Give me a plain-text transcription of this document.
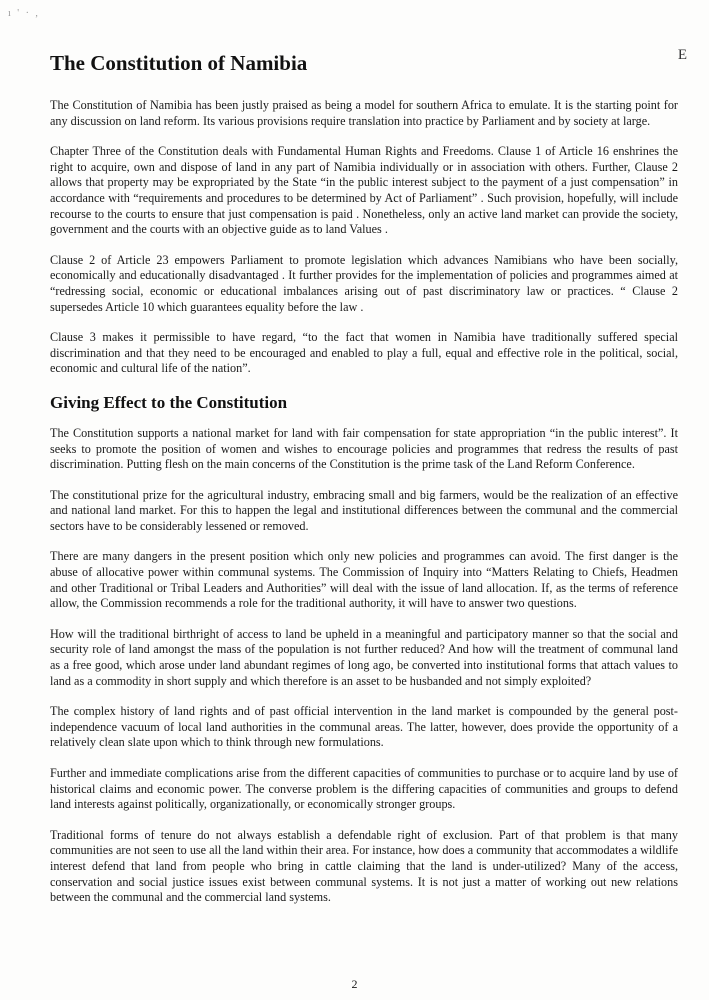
ı ' · ,
E
The Constitution of Namibia

The Constitution of Namibia has been justly praised as being a model for southern Africa to emulate. It is the starting point for any discussion on land reform. Its various provisions require translation into practice by Parliament and by society at large.

Chapter Three of the Constitution deals with Fundamental Human Rights and Freedoms. Clause 1 of Article 16 enshrines the right to acquire, own and dispose of land in any part of Namibia individually or in association with others. Further, Clause 2 allows that property may be expropriated by the State “in the public interest subject to the payment of a just compensation” in accordance with “requirements and procedures to be determined by Act of Parliament” . Such provision, hopefully, will include recourse to the courts to ensure that just compensation is paid . Nonetheless, only an active land market can provide the society, government and the courts with an objective guide as to land Values .

Clause 2 of Article 23 empowers Parliament to promote legislation which advances Namibians who have been socially, economically and educationally disadvantaged . It further provides for the implementation of policies and programmes aimed at “redressing social, economic or educational imbalances arising out of past discriminatory law or practices. “ Clause 2 supersedes Article 10 which guarantees equality before the law .

Clause 3 makes it permissible to have regard, “to the fact that women in Namibia have traditionally suffered special discrimination and that they need to be encouraged and enabled to play a full, equal and effective role in the political, social, economic and cultural life of the nation”.

Giving Effect to the Constitution

The Constitution supports a national market for land with fair compensation for state appropriation “in the public interest”. It seeks to promote the position of women and wishes to encourage policies and programmes that redress the results of past discrimination. Putting flesh on the main concerns of the Constitution is the prime task of the Land Reform Conference.

The constitutional prize for the agricultural industry, embracing small and big farmers, would be the realization of an effective and national land market. For this to happen the legal and institutional differences between the communal and the commercial sectors have to be considerably lessened or removed.

There are many dangers in the present position which only new policies and programmes can avoid. The first danger is the abuse of allocative power within communal systems. The Commission of Inquiry into “Matters Relating to Chiefs, Headmen and other Traditional or Tribal Leaders and Authorities” will deal with the issue of land allocation. If, as the terms of reference allow, the Commission recommends a role for the traditional authority, it will have to answer two questions.

How will the traditional birthright of access to land be upheld in a meaningful and participatory manner so that the social and security role of land amongst the mass of the population is not further reduced? And how will the treatment of communal land as a free good, which arose under land abundant regimes of long ago, be converted into institutional forms that attach values to land as a commodity in short supply and which therefore is an asset to be husbanded and not simply exploited?

The complex history of land rights and of past official intervention in the land market is compounded by the general post-independence vacuum of local land authorities in the communal areas. The latter, however, does provide the opportunity of a relatively clean slate upon which to think through new formulations.

Further and immediate complications arise from the different capacities of communities to purchase or to acquire land by use of historical claims and economic power. The converse problem is the differing capacities of communities and groups to defend land interests against politically, organizationally, or economically stronger groups.

Traditional forms of tenure do not always establish a defendable right of exclusion. Part of that problem is that many communities are not seen to use all the land within their area. For instance, how does a community that accommodates a wildlife interest defend that land from people who bring in cattle claiming that the land is under-utilized? Many of the access, conservation and social justice issues exist between communal systems. It is not just a matter of working out new relations between the communal and the commercial land systems.

2
